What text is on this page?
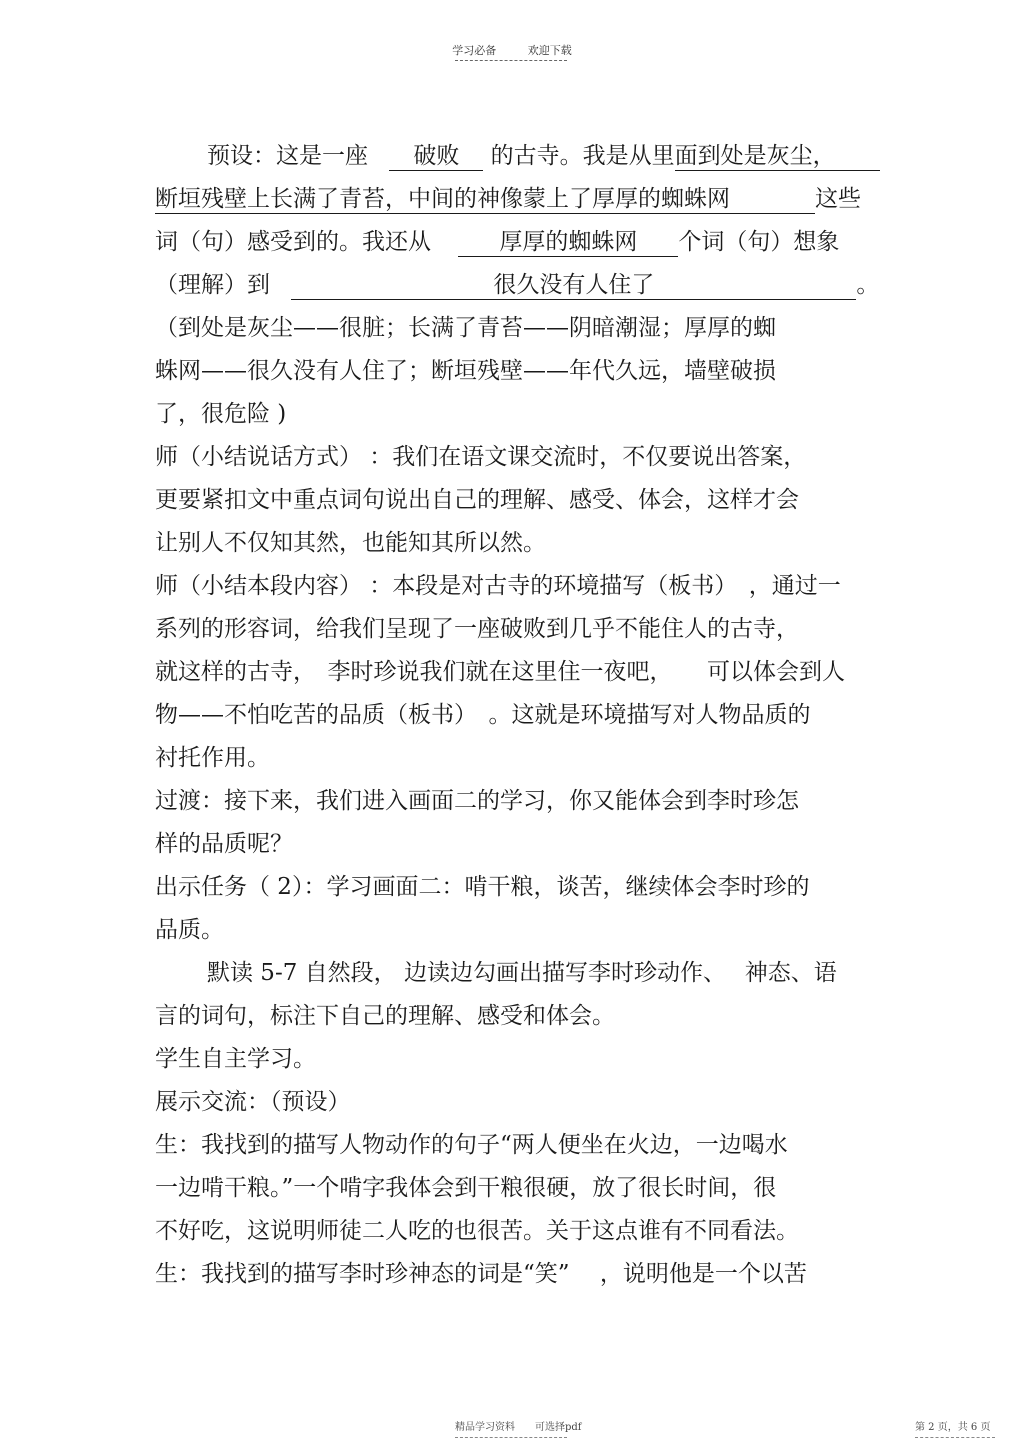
学习必备	欢迎下载
预设：这是一座 破败 的古寺。我是从里面到处是灰尘，
断垣残壁上长满了青苔，中间的神像蒙上了厚厚的蜘蛛网	这些
词（句）感受到的。我还从	厚厚的蜘蛛网 个词（句）想象
（理解）到	很久没有人住了	。
（到处是灰尘——很脏；长满了青苔——阴暗潮湿；厚厚的蜘
蛛网——很久没有人住了；断垣残壁——年代久远，墙壁破损
了，很危险 )
师（小结说话方式） ：我们在语文课交流时，不仅要说出答案，
更要紧扣文中重点词句说出自己的理解、感受、体会，这样才会
让别人不仅知其然，也能知其所以然。
师（小结本段内容） ：本段是对古寺的环境描写（板书）　，通过一
系列的形容词，给我们呈现了一座破败到几乎不能住人的古寺，
就这样的古寺，　李时珍说我们就在这里住一夜吧，　　可以体会到人
物——不怕吃苦的品质（板书）　。这就是环境描写对人物品质的
衬托作用。
过渡：接下来，我们进入画面二的学习，你又能体会到李时珍怎
样的品质呢？
出示任务（ 2）：学习画面二：啃干粮，谈苦，继续体会李时珍的
品质。
默读 5-7 自然段， 边读边勾画出描写李时珍动作、　 神态、语
言的词句，标注下自己的理解、感受和体会。
学生自主学习。
展示交流：（预设）
生：我找到的描写人物动作的句子“两人便坐在火边，一边喝水
一边啃干粮。”一个啃字我体会到干粮很硬，放了很长时间，很
不好吃，这说明师徒二人吃的也很苦。关于这点谁有不同看法。
生：我找到的描写李时珍神态的词是“笑”　 ，说明他是一个以苦
精品学习资料　　可选择pdf	第 2 页，共 6 页
